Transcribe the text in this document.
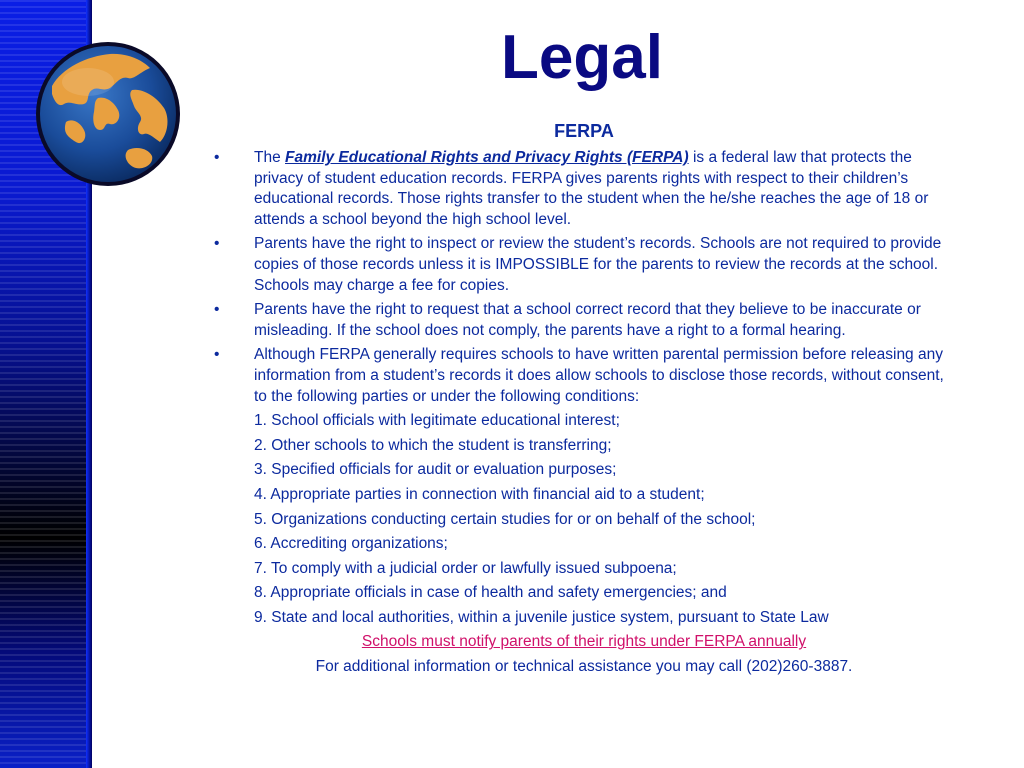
Legal
FERPA
• The Family Educational Rights and Privacy Rights (FERPA) is a federal law that protects the privacy of student education records. FERPA gives parents rights with respect to their children’s educational records. Those rights transfer to the student when the he/she reaches the age of 18 or attends a school beyond the high school level.
• Parents have the right to inspect or review the student’s records. Schools are not required to provide copies of those records unless it is IMPOSSIBLE for the parents to review the records at the school. Schools may charge a fee for copies.
• Parents have the right to request that a school correct record that they believe to be inaccurate or misleading. If the school does not comply, the parents have a right to a formal hearing.
• Although FERPA generally requires schools to have written parental permission before releasing any information from a student’s records it does allow schools to disclose those records, without consent, to the following parties or under the following conditions:
1. School officials with legitimate educational interest;
2. Other schools to which the student is transferring;
3. Specified officials for audit or evaluation purposes;
4. Appropriate parties in connection with financial aid to a student;
5. Organizations conducting certain studies for or on behalf of the school;
6. Accrediting organizations;
7. To comply with a judicial order or lawfully issued subpoena;
8. Appropriate officials in case of health and safety emergencies; and
9. State and local authorities, within a juvenile justice system, pursuant to State Law
Schools must notify parents of their rights under FERPA annually
For additional information or technical assistance you may call (202)260-3887.
